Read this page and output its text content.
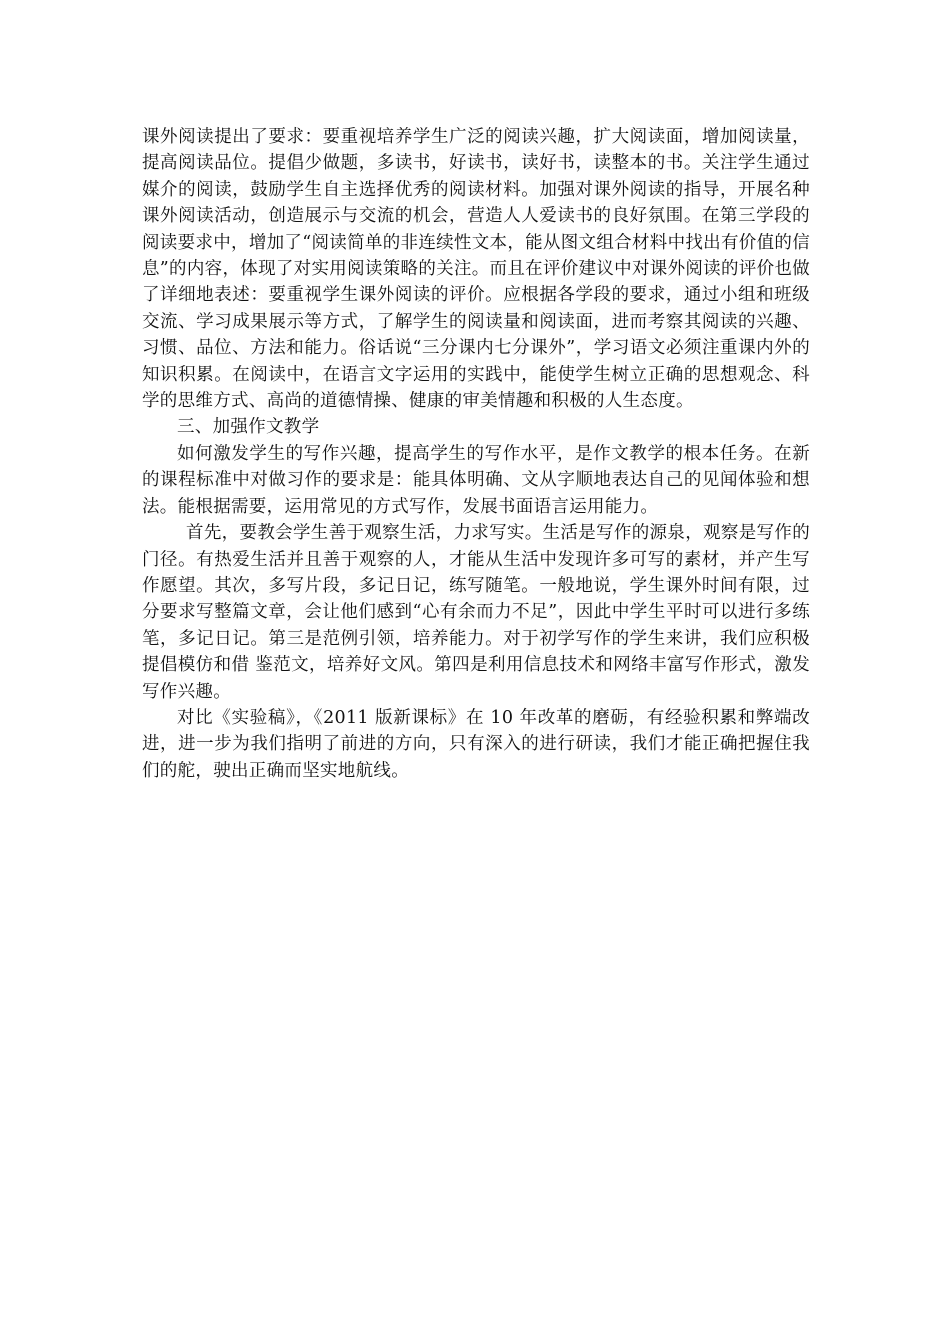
课外阅读提出了要求：要重视培养学生广泛的阅读兴趣，扩大阅读面，增加阅读量，提高阅读品位。提倡少做题，多读书，好读书，读好书，读整本的书。关注学生通过媒介的阅读，鼓励学生自主选择优秀的阅读材料。加强对课外阅读的指导，开展名种课外阅读活动，创造展示与交流的机会，营造人人爱读书的良好氛围。在第三学段的阅读要求中，增加了“阅读简单的非连续性文本，能从图文组合材料中找出有价值的信息”的内容，体现了对实用阅读策略的关注。而且在评价建议中对课外阅读的评价也做了详细地表述：要重视学生课外阅读的评价。应根据各学段的要求，通过小组和班级交流、学习成果展示等方式，了解学生的阅读量和阅读面，进而考察其阅读的兴趣、习惯、品位、方法和能力。俗话说“三分课内七分课外”，学习语文必须注重课内外的知识积累。在阅读中，在语言文字运用的实践中，能使学生树立正确的思想观念、科学的思维方式、高尚的道德情操、健康的审美情趣和积极的人生态度。

三、加强作文教学

如何激发学生的写作兴趣，提高学生的写作水平，是作文教学的根本任务。在新的课程标准中对做习作的要求是：能具体明确、文从字顺地表达自己的见闻体验和想法。能根据需要，运用常见的方式写作，发展书面语言运用能力。

首先，要教会学生善于观察生活，力求写实。生活是写作的源泉，观察是写作的门径。有热爱生活并且善于观察的人，才能从生活中发现许多可写的素材，并产生写作愿望。其次，多写片段，多记日记，练写随笔。一般地说，学生课外时间有限，过分要求写整篇文章，会让他们感到“心有余而力不足”，因此中学生平时可以进行多练笔，多记日记。第三是范例引领，培养能力。对于初学写作的学生来讲，我们应积极提倡模仿和借 鉴范文，培养好文风。第四是利用信息技术和网络丰富写作形式，激发写作兴趣。

对比《实验稿》，《2011 版新课标》在 10 年改革的磨砺，有经验积累和弊端改进，进一步为我们指明了前进的方向，只有深入的进行研读，我们才能正确把握住我们的舵，驶出正确而坚实地航线。
